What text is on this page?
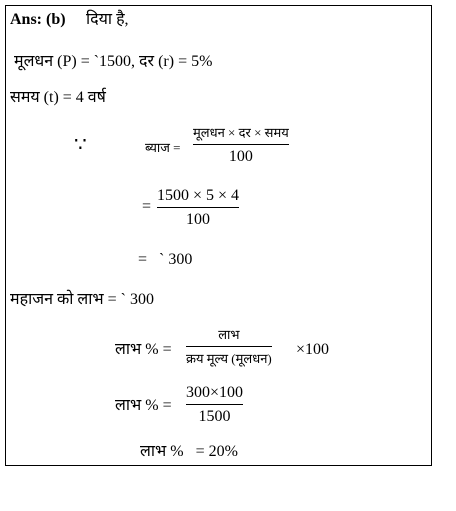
Ans: (b) दिया है,
मूलधन (P) = `1500, दर (r) = 5%
समय (t) = 4 वर्ष
∵	ब्याज =
मूलधन × दर × समय
100
=
1500 × 5 × 4
100
=   ` 300
महाजन को लाभ = ` 300
लाभ % =
लाभ
क्रय मूल्य (मूलधन)
×100
लाभ % =
300×100
1500
लाभ %   = 20%
